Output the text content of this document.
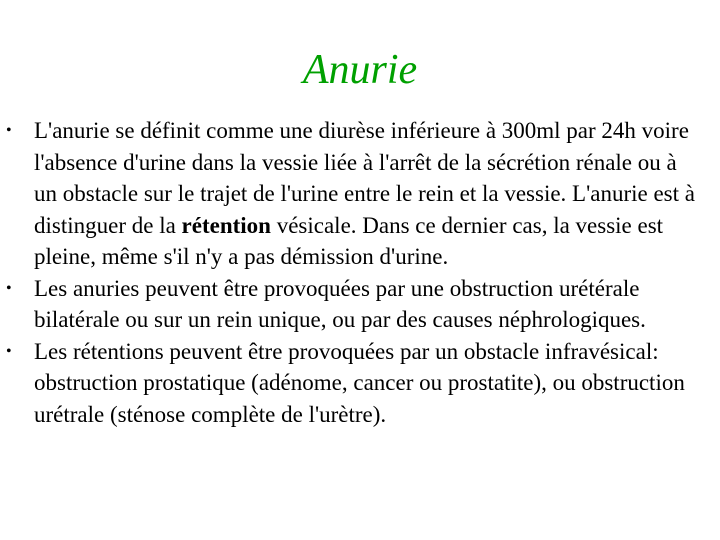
Anurie
• L'anurie se définit comme une diurèse inférieure à 300ml par 24h voire l'absence d'urine dans la vessie liée à l'arrêt de la sécrétion rénale ou à un obstacle sur le trajet de l'urine entre le rein et la vessie. L'anurie est à distinguer de la rétention vésicale. Dans ce dernier cas, la vessie est pleine, même s'il n'y a pas démission d'urine.
• Les anuries peuvent être provoquées par une obstruction urétérale bilatérale ou sur un rein unique, ou par des causes néphrologiques.
• Les rétentions peuvent être provoquées par un obstacle infravésical: obstruction prostatique (adénome, cancer ou prostatite), ou obstruction urétrale (sténose complète de l'urètre).
